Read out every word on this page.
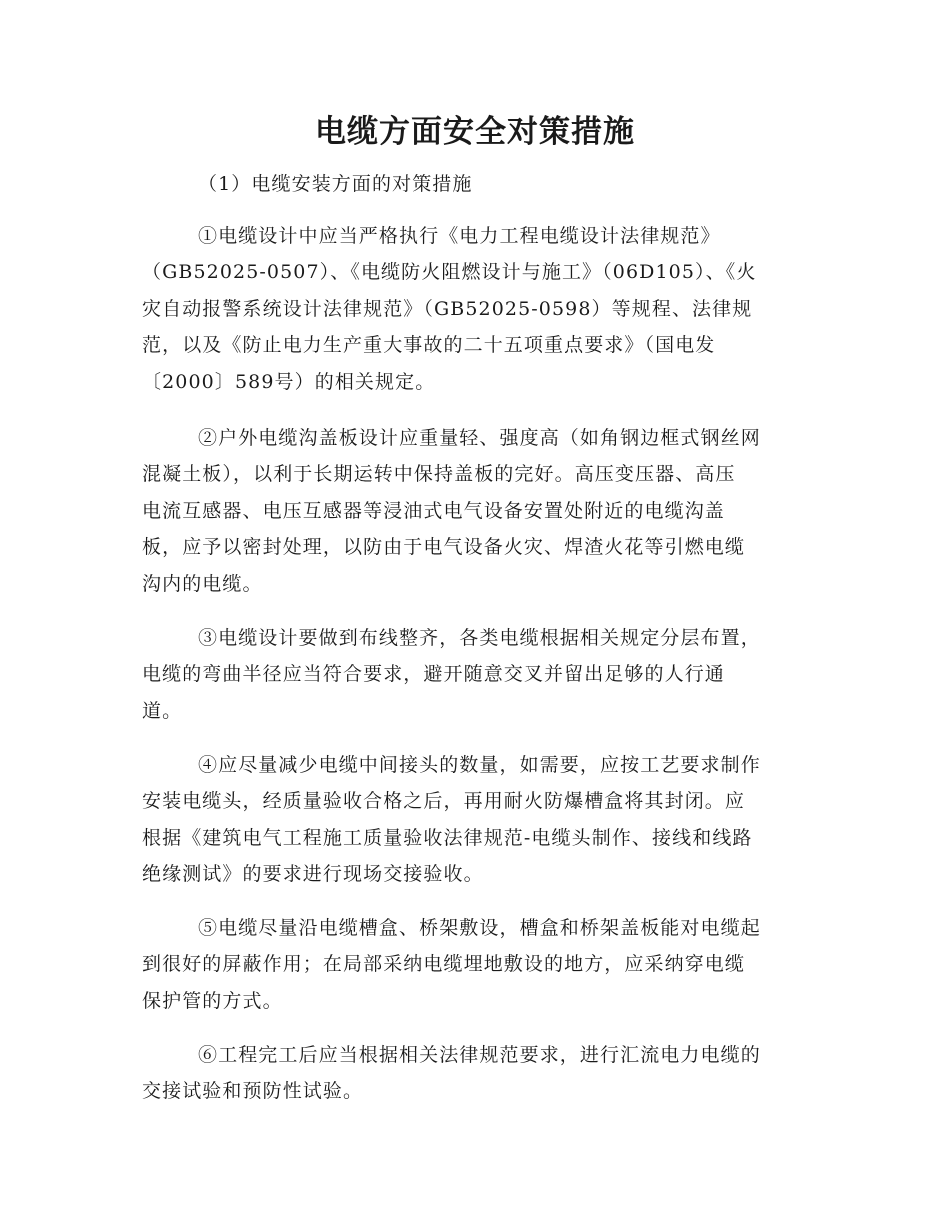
电缆方面安全对策措施

（1）电缆安装方面的对策措施

①电缆设计中应当严格执行《电力工程电缆设计法律规范》
（GB52025-0507）、《电缆防火阻燃设计与施工》（06D105）、《火
灾自动报警系统设计法律规范》（GB52025-0598）等规程、法律规
范，以及《防止电力生产重大事故的二十五项重点要求》（国电发
〔2000〕589号）的相关规定。

②户外电缆沟盖板设计应重量轻、强度高（如角钢边框式钢丝网
混凝土板），以利于长期运转中保持盖板的完好。高压变压器、高压
电流互感器、电压互感器等浸油式电气设备安置处附近的电缆沟盖
板，应予以密封处理，以防由于电气设备火灾、焊渣火花等引燃电缆
沟内的电缆。

③电缆设计要做到布线整齐，各类电缆根据相关规定分层布置，
电缆的弯曲半径应当符合要求，避开随意交叉并留出足够的人行通
道。

④应尽量减少电缆中间接头的数量，如需要，应按工艺要求制作
安装电缆头，经质量验收合格之后，再用耐火防爆槽盒将其封闭。应
根据《建筑电气工程施工质量验收法律规范-电缆头制作、接线和线路
绝缘测试》的要求进行现场交接验收。

⑤电缆尽量沿电缆槽盒、桥架敷设，槽盒和桥架盖板能对电缆起
到很好的屏蔽作用；在局部采纳电缆埋地敷设的地方，应采纳穿电缆
保护管的方式。

⑥工程完工后应当根据相关法律规范要求，进行汇流电力电缆的
交接试验和预防性试验。
